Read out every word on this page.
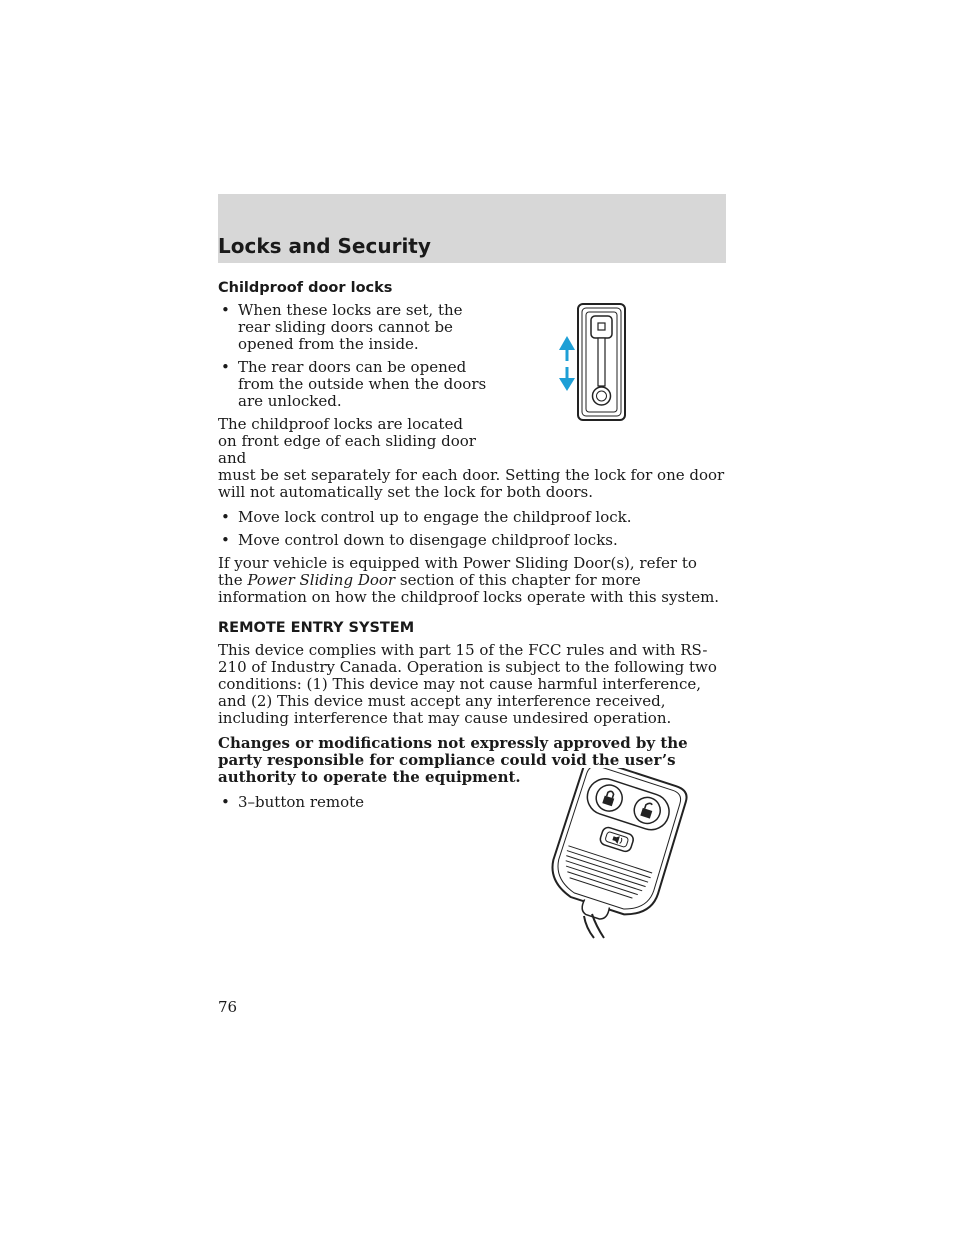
Locks and Security
Childproof door locks
• When these locks are set, the rear sliding doors cannot be opened from the inside.
• The rear doors can be opened from the outside when the doors are unlocked.
The childproof locks are located on front edge of each sliding door and
must be set separately for each door. Setting the lock for one door will not automatically set the lock for both doors.
• Move lock control up to engage the childproof lock.
• Move control down to disengage childproof locks.
If your vehicle is equipped with Power Sliding Door(s), refer to the Power Sliding Door section of this chapter for more information on how the childproof locks operate with this system.
REMOTE ENTRY SYSTEM
This device complies with part 15 of the FCC rules and with RS-210 of Industry Canada. Operation is subject to the following two conditions: (1) This device may not cause harmful interference, and (2) This device must accept any interference received, including interference that may cause undesired operation.
Changes or modifications not expressly approved by the party responsible for compliance could void the user’s authority to operate the equipment.
• 3–button remote
76
